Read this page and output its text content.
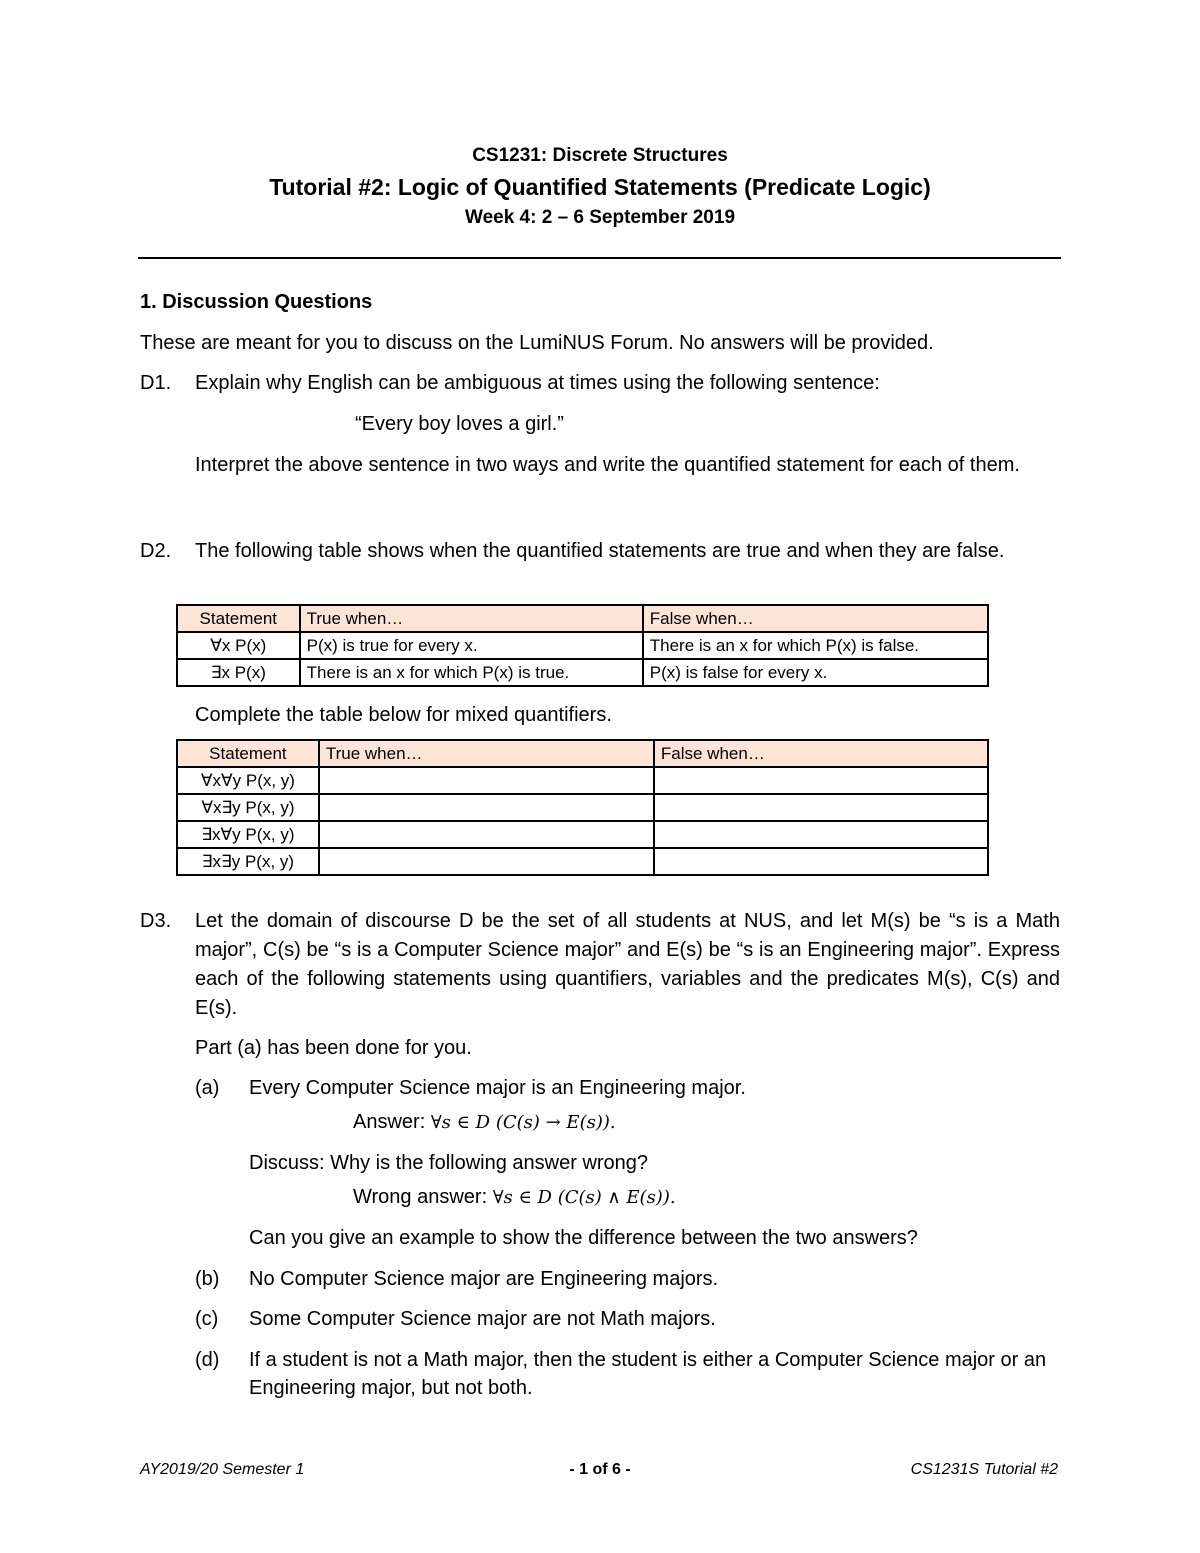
CS1231: Discrete Structures
Tutorial #2: Logic of Quantified Statements (Predicate Logic)
Week 4: 2 – 6 September 2019
1. Discussion Questions
These are meant for you to discuss on the LumiNUS Forum. No answers will be provided.
D1. Explain why English can be ambiguous at times using the following sentence:
“Every boy loves a girl.”
Interpret the above sentence in two ways and write the quantified statement for each of them.
D2. The following table shows when the quantified statements are true and when they are false.
Statement	True when…	False when…
∀x P(x)	P(x) is true for every x.	There is an x for which P(x) is false.
∃x P(x)	There is an x for which P(x) is true.	P(x) is false for every x.
Complete the table below for mixed quantifiers.
Statement	True when…	False when…
∀x∀y P(x, y)		
∀x∃y P(x, y)		
∃x∀y P(x, y)		
∃x∃y P(x, y)		
D3. Let the domain of discourse D be the set of all students at NUS, and let M(s) be “s is a Math major”, C(s) be “s is a Computer Science major” and E(s) be “s is an Engineering major”. Express each of the following statements using quantifiers, variables and the predicates M(s), C(s) and E(s).
Part (a) has been done for you.
(a) Every Computer Science major is an Engineering major.
Answer: ∀s ∈ D (C(s) → E(s)).
Discuss: Why is the following answer wrong?
Wrong answer: ∀s ∈ D (C(s) ∧ E(s)).
Can you give an example to show the difference between the two answers?
(b) No Computer Science major are Engineering majors.
(c) Some Computer Science major are not Math majors.
(d) If a student is not a Math major, then the student is either a Computer Science major or an Engineering major, but not both.
AY2019/20 Semester 1	- 1 of 6 -	CS1231S Tutorial #2
